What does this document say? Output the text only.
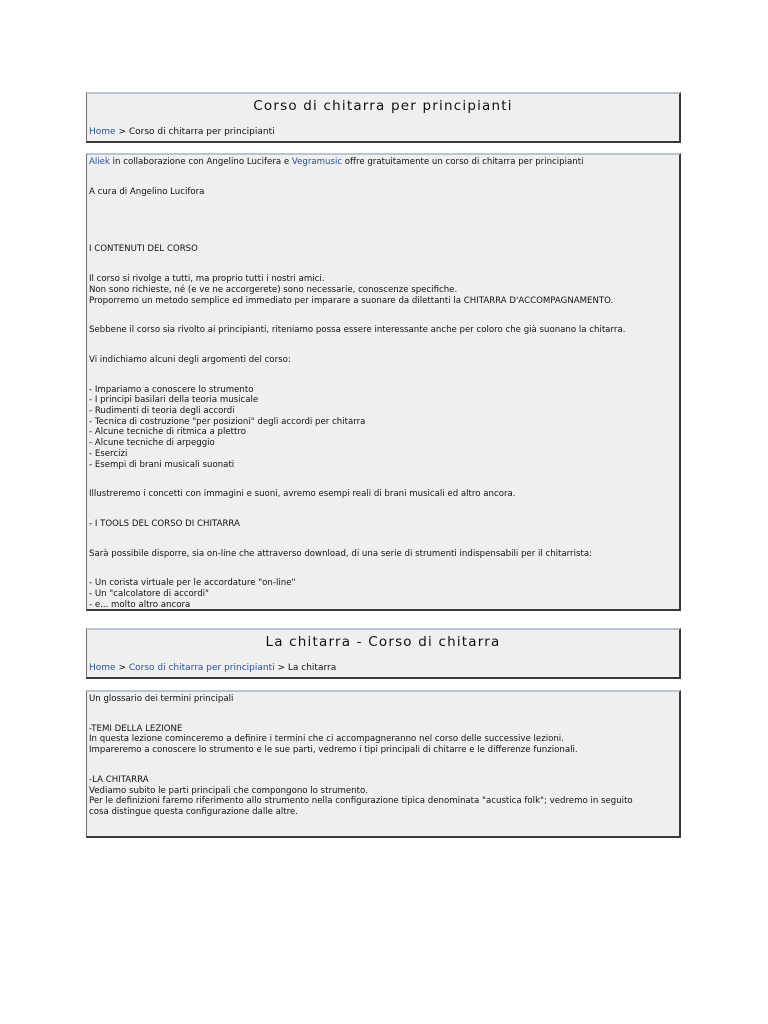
Corso di chitarra per principianti
Home > Corso di chitarra per principianti

Aliek in collaborazione con Angelino Lucifera e Vegramusic offre gratuitamente un corso di chitarra per principianti

A cura di Angelino Lucifora

I CONTENUTI DEL CORSO

Il corso si rivolge a tutti, ma proprio tutti i nostri amici.

Non sono richieste, né (e ve ne accorgerete) sono necessarie, conoscenze specifiche.

Proporremo un metodo semplice ed immediato per imparare a suonare da dilettanti la CHITARRA D'ACCOMPAGNAMENTO.

Sebbene il corso sia rivolto ai principianti, riteniamo possa essere interessante anche per coloro che già suonano la chitarra.

Vi indichiamo alcuni degli argomenti del corso:

- Impariamo a conoscere lo strumento
- I principi basilari della teoria musicale
- Rudimenti di teoria degli accordi
- Tecnica di costruzione "per posizioni" degli accordi per chitarra
- Alcune tecniche di ritmica a plettro
- Alcune tecniche di arpeggio
- Esercizi
- Esempi di brani musicali suonati

Illustreremo i concetti con immagini e suoni, avremo esempi reali di brani musicali ed altro ancora.

- I TOOLS DEL CORSO DI CHITARRA

Sarà possibile disporre, sia on-line che attraverso download, di una serie di strumenti indispensabili per il chitarrista:

- Un corista virtuale per le accordature "on-line"
- Un "calcolatore di accordi"
- e... molto altro ancora
La chitarra - Corso di chitarra
Home > Corso di chitarra per principianti > La chitarra

Un glossario dei termini principali

-TEMI DELLA LEZIONE

In questa lezione cominceremo a definire i termini che ci accompagneranno nel corso delle successive lezioni.

Impareremo a conoscere lo strumento e le sue parti, vedremo i tipi principali di chitarre e le differenze funzionali.

-LA CHITARRA

Vediamo subito le parti principali che compongono lo strumento.

Per le definizioni faremo riferimento allo strumento nella configurazione tipica denominata "acustica folk"; vedremo in seguito

cosa distingue questa configurazione dalle altre.
